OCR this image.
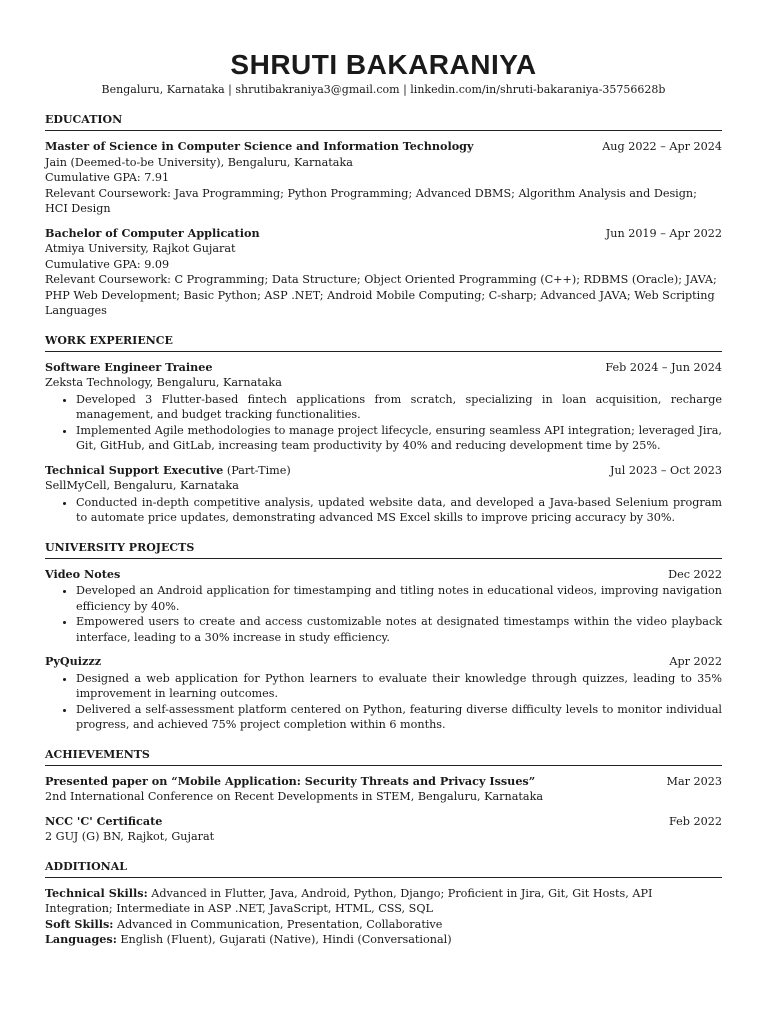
SHRUTI BAKARANIYA
Bengaluru, Karnataka | shrutibakraniya3@gmail.com | linkedin.com/in/shruti-bakaraniya-35756628b
EDUCATION
Master of Science in Computer Science and Information Technology	Aug 2022 – Apr 2024
Jain (Deemed-to-be University), Bengaluru, Karnataka
Cumulative GPA: 7.91
Relevant Coursework: Java Programming; Python Programming; Advanced DBMS; Algorithm Analysis and Design; HCI Design
Bachelor of Computer Application	Jun 2019 – Apr 2022
Atmiya University, Rajkot Gujarat
Cumulative GPA: 9.09
Relevant Coursework: C Programming; Data Structure; Object Oriented Programming (C++); RDBMS (Oracle); JAVA; PHP Web Development; Basic Python; ASP .NET; Android Mobile Computing; C-sharp; Advanced JAVA; Web Scripting Languages
WORK EXPERIENCE
Software Engineer Trainee	Feb 2024 – Jun 2024
Zeksta Technology, Bengaluru, Karnataka
• Developed 3 Flutter-based fintech applications from scratch, specializing in loan acquisition, recharge management, and budget tracking functionalities.
• Implemented Agile methodologies to manage project lifecycle, ensuring seamless API integration; leveraged Jira, Git, GitHub, and GitLab, increasing team productivity by 40% and reducing development time by 25%.
Technical Support Executive (Part-Time)	Jul 2023 – Oct 2023
SellMyCell, Bengaluru, Karnataka
• Conducted in-depth competitive analysis, updated website data, and developed a Java-based Selenium program to automate price updates, demonstrating advanced MS Excel skills to improve pricing accuracy by 30%.
UNIVERSITY PROJECTS
Video Notes	Dec 2022
• Developed an Android application for timestamping and titling notes in educational videos, improving navigation efficiency by 40%.
• Empowered users to create and access customizable notes at designated timestamps within the video playback interface, leading to a 30% increase in study efficiency.
PyQuizzz	Apr 2022
• Designed a web application for Python learners to evaluate their knowledge through quizzes, leading to 35% improvement in learning outcomes.
• Delivered a self-assessment platform centered on Python, featuring diverse difficulty levels to monitor individual progress, and achieved 75% project completion within 6 months.
ACHIEVEMENTS
Presented paper on “Mobile Application: Security Threats and Privacy Issues”	Mar 2023
2nd International Conference on Recent Developments in STEM, Bengaluru, Karnataka
NCC 'C' Certificate	Feb 2022
2 GUJ (G) BN, Rajkot, Gujarat
ADDITIONAL
Technical Skills: Advanced in Flutter, Java, Android, Python, Django; Proficient in Jira, Git, Git Hosts, API Integration; Intermediate in ASP .NET, JavaScript, HTML, CSS, SQL
Soft Skills: Advanced in Communication, Presentation, Collaborative
Languages: English (Fluent), Gujarati (Native), Hindi (Conversational)
